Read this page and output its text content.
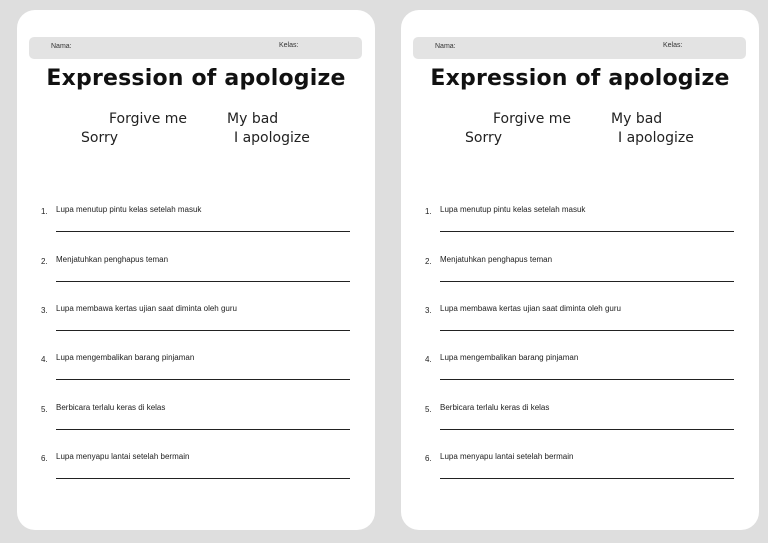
Nama:	Kelas:
Expression of apologize
Forgive me	My bad
Sorry	I apologize
1. Lupa menutup pintu kelas setelah masuk
2. Menjatuhkan penghapus teman
3. Lupa membawa kertas ujian saat diminta oleh guru
4. Lupa mengembalikan barang pinjaman
5. Berbicara terlalu keras di kelas
6. Lupa menyapu lantai setelah bermain
Nama:	Kelas:
Expression of apologize
Forgive me	My bad
Sorry	I apologize
1. Lupa menutup pintu kelas setelah masuk
2. Menjatuhkan penghapus teman
3. Lupa membawa kertas ujian saat diminta oleh guru
4. Lupa mengembalikan barang pinjaman
5. Berbicara terlalu keras di kelas
6. Lupa menyapu lantai setelah bermain
